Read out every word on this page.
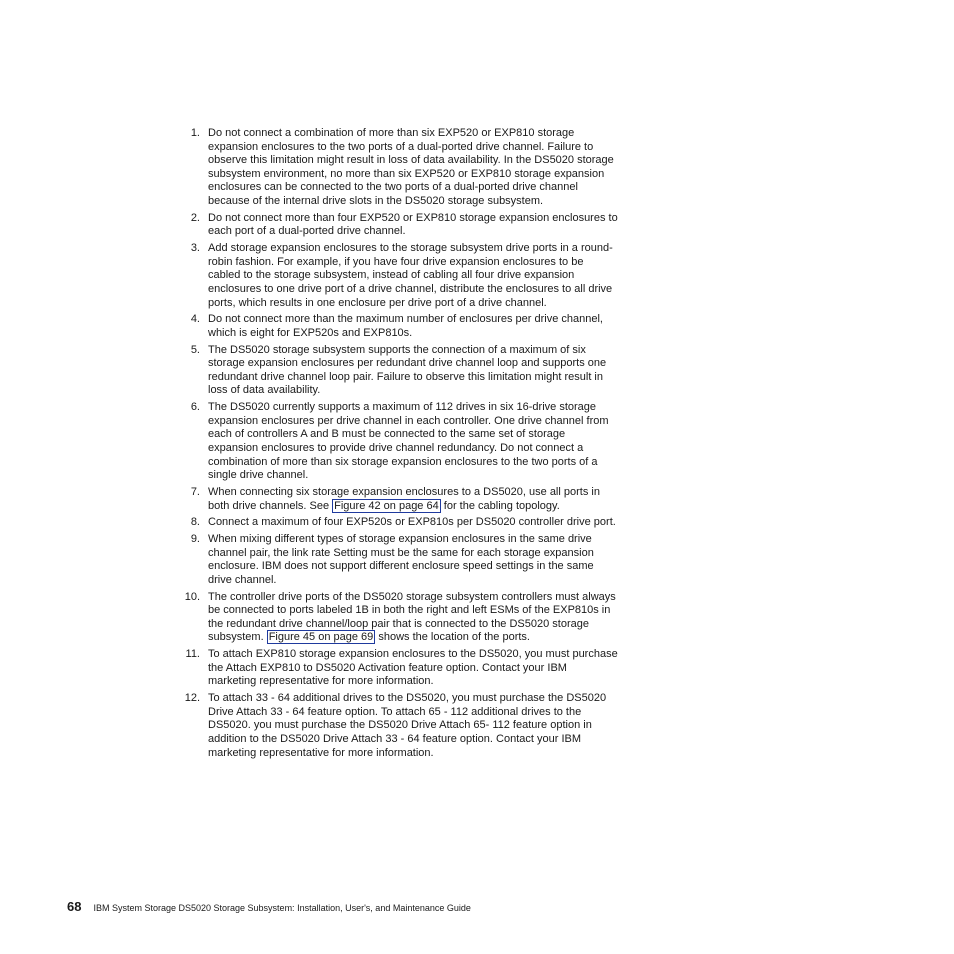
1. Do not connect a combination of more than six EXP520 or EXP810 storage expansion enclosures to the two ports of a dual-ported drive channel. Failure to observe this limitation might result in loss of data availability. In the DS5020 storage subsystem environment, no more than six EXP520 or EXP810 storage expansion enclosures can be connected to the two ports of a dual-ported drive channel because of the internal drive slots in the DS5020 storage subsystem.
2. Do not connect more than four EXP520 or EXP810 storage expansion enclosures to each port of a dual-ported drive channel.
3. Add storage expansion enclosures to the storage subsystem drive ports in a round-robin fashion. For example, if you have four drive expansion enclosures to be cabled to the storage subsystem, instead of cabling all four drive expansion enclosures to one drive port of a drive channel, distribute the enclosures to all drive ports, which results in one enclosure per drive port of a drive channel.
4. Do not connect more than the maximum number of enclosures per drive channel, which is eight for EXP520s and EXP810s.
5. The DS5020 storage subsystem supports the connection of a maximum of six storage expansion enclosures per redundant drive channel loop and supports one redundant drive channel loop pair. Failure to observe this limitation might result in loss of data availability.
6. The DS5020 currently supports a maximum of 112 drives in six 16-drive storage expansion enclosures per drive channel in each controller. One drive channel from each of controllers A and B must be connected to the same set of storage expansion enclosures to provide drive channel redundancy. Do not connect a combination of more than six storage expansion enclosures to the two ports of a single drive channel.
7. When connecting six storage expansion enclosures to a DS5020, use all ports in both drive channels. See Figure 42 on page 64 for the cabling topology.
8. Connect a maximum of four EXP520s or EXP810s per DS5020 controller drive port.
9. When mixing different types of storage expansion enclosures in the same drive channel pair, the link rate Setting must be the same for each storage expansion enclosure. IBM does not support different enclosure speed settings in the same drive channel.
10. The controller drive ports of the DS5020 storage subsystem controllers must always be connected to ports labeled 1B in both the right and left ESMs of the EXP810s in the redundant drive channel/loop pair that is connected to the DS5020 storage subsystem. Figure 45 on page 69 shows the location of the ports.
11. To attach EXP810 storage expansion enclosures to the DS5020, you must purchase the Attach EXP810 to DS5020 Activation feature option. Contact your IBM marketing representative for more information.
12. To attach 33 - 64 additional drives to the DS5020, you must purchase the DS5020 Drive Attach 33 - 64 feature option. To attach 65 - 112 additional drives to the DS5020. you must purchase the DS5020 Drive Attach 65- 112 feature option in addition to the DS5020 Drive Attach 33 - 64 feature option. Contact your IBM marketing representative for more information.
68 IBM System Storage DS5020 Storage Subsystem: Installation, User's, and Maintenance Guide
